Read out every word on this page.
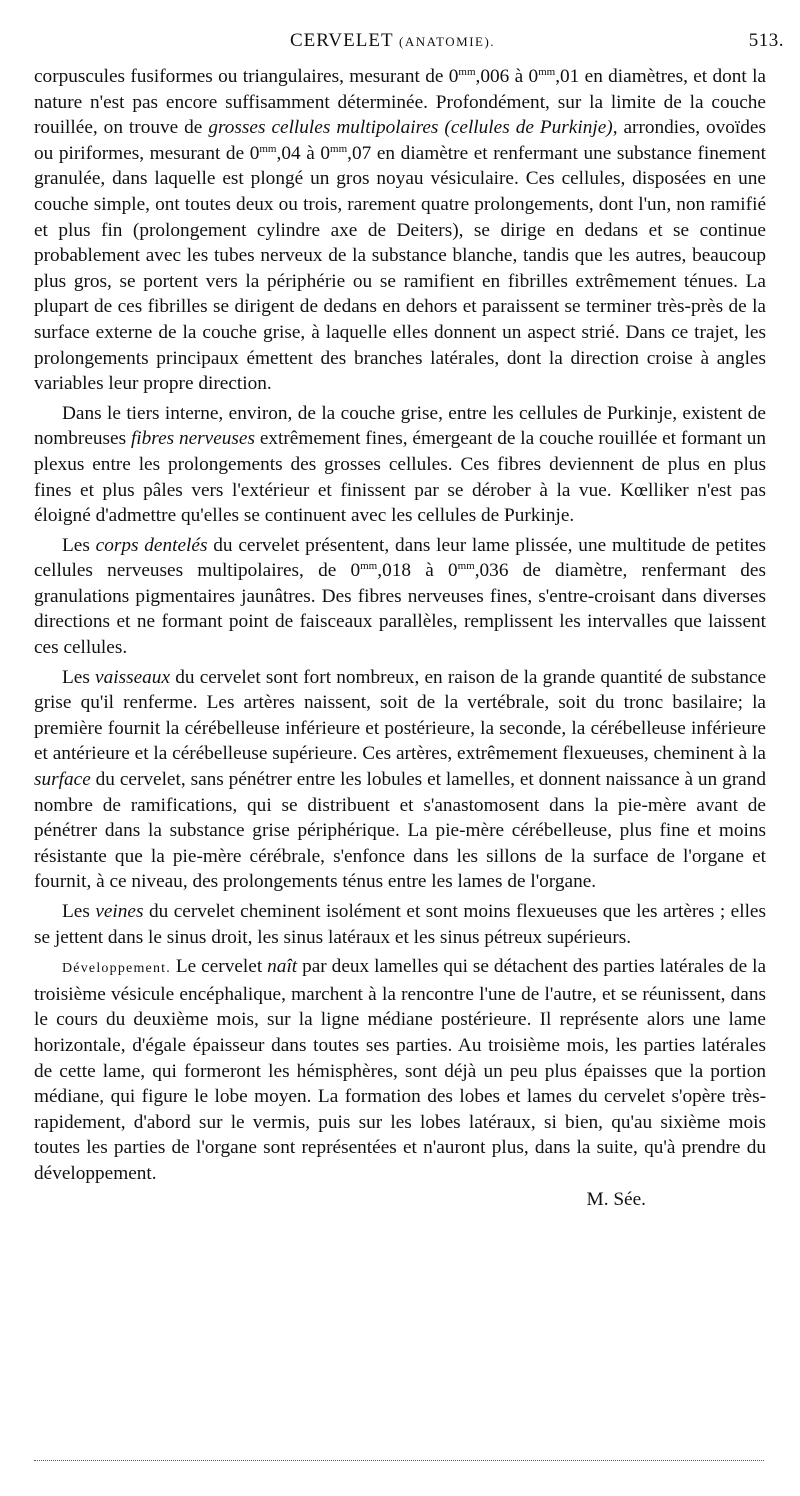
CERVELET (ANATOMIE).	513.

corpuscules fusiformes ou triangulaires, mesurant de $0^{mm},006$ à $0^{mm},01$ en diamètres, et dont la nature n'est pas encore suffisamment déterminée. Profondément, sur la limite de la couche rouillée, on trouve de grosses cellules multipolaires (cellules de Purkinje), arrondies, ovoïdes ou piriformes, mesurant de $0^{mm},04$ à $0^{mm},07$ en diamètre et renfermant une substance finement granulée, dans laquelle est plongé un gros noyau vésiculaire. Ces cellules, disposées en une couche simple, ont toutes deux ou trois, rarement quatre prolongements, dont l'un, non ramifié et plus fin (prolongement cylindre axe de Deiters), se dirige en dedans et se continue probablement avec les tubes nerveux de la substance blanche, tandis que les autres, beaucoup plus gros, se portent vers la périphérie ou se ramifient en fibrilles extrêmement ténues. La plupart de ces fibrilles se dirigent de dedans en dehors et paraissent se terminer très-près de la surface externe de la couche grise, à laquelle elles donnent un aspect strié. Dans ce trajet, les prolongements principaux émettent des branches latérales, dont la direction croise à angles variables leur propre direction.

Dans le tiers interne, environ, de la couche grise, entre les cellules de Purkinje, existent de nombreuses fibres nerveuses extrêmement fines, émergeant de la couche rouillée et formant un plexus entre les prolongements des grosses cellules. Ces fibres deviennent de plus en plus fines et plus pâles vers l'extérieur et finissent par se dérober à la vue. Kœlliker n'est pas éloigné d'admettre qu'elles se continuent avec les cellules de Purkinje.

Les corps dentelés du cervelet présentent, dans leur lame plissée, une multitude de petites cellules nerveuses multipolaires, de $0^{mm},018$ à $0^{mm},036$ de diamètre, renfermant des granulations pigmentaires jaunâtres. Des fibres nerveuses fines, s'entre-croisant dans diverses directions et ne formant point de faisceaux parallèles, remplissent les intervalles que laissent ces cellules.

Les vaisseaux du cervelet sont fort nombreux, en raison de la grande quantité de substance grise qu'il renferme. Les artères naissent, soit de la vertébrale, soit du tronc basilaire; la première fournit la cérébelleuse inférieure et postérieure, la seconde, la cérébelleuse inférieure et antérieure et la cérébelleuse supérieure. Ces artères, extrêmement flexueuses, cheminent à la surface du cervelet, sans pénétrer entre les lobules et lamelles, et donnent naissance à un grand nombre de ramifications, qui se distribuent et s'anastomosent dans la pie-mère avant de pénétrer dans la substance grise périphérique. La pie-mère cérébelleuse, plus fine et moins résistante que la pie-mère cérébrale, s'enfonce dans les sillons de la surface de l'organe et fournit, à ce niveau, des prolongements ténus entre les lames de l'organe.

Les veines du cervelet cheminent isolément et sont moins flexueuses que les artères ; elles se jettent dans le sinus droit, les sinus latéraux et les sinus pétreux supérieurs.

Développement. Le cervelet naît par deux lamelles qui se détachent des parties latérales de la troisième vésicule encéphalique, marchent à la rencontre l'une de l'autre, et se réunissent, dans le cours du deuxième mois, sur la ligne médiane postérieure. Il représente alors une lame horizontale, d'égale épaisseur dans toutes ses parties. Au troisième mois, les parties latérales de cette lame, qui formeront les hémisphères, sont déjà un peu plus épaisses que la portion médiane, qui figure le lobe moyen. La formation des lobes et lames du cervelet s'opère très-rapidement, d'abord sur le vermis, puis sur les lobes latéraux, si bien, qu'au sixième mois toutes les parties de l'organe sont représentées et n'auront plus, dans la suite, qu'à prendre du développement.

M. Sée.
